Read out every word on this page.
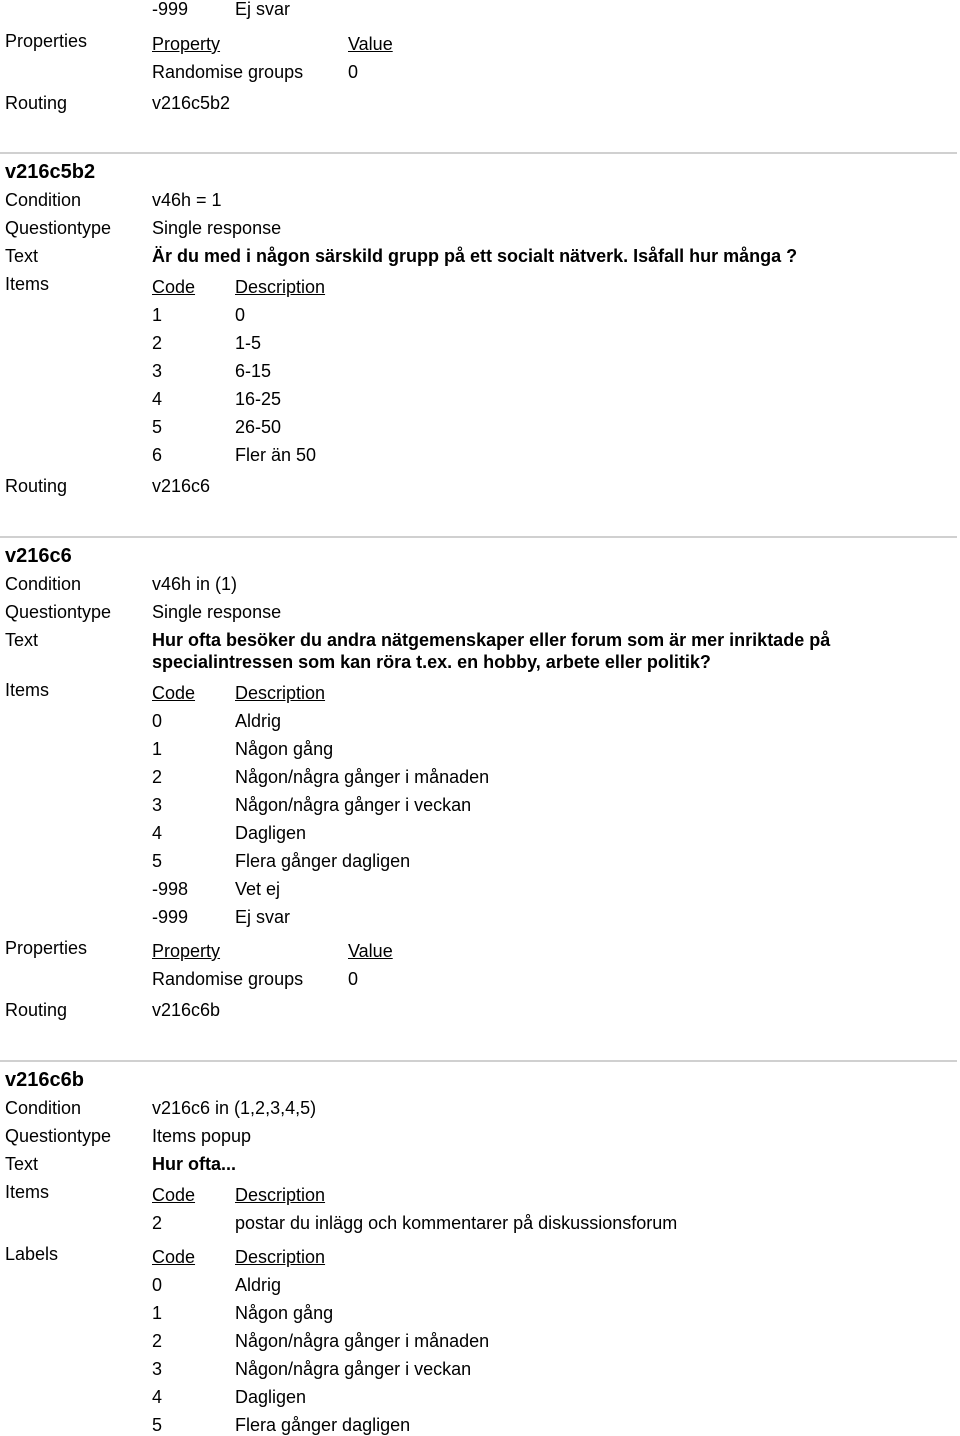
-999	Ej svar
Properties	Property	Value
Randomise groups 0
Routing	v216c5b2
v216c5b2
Condition	v46h = 1
Questiontype Single response
Text	Är du med i någon särskild grupp på ett socialt nätverk. Isåfall hur många ?
Items	Code Description
1	0
2	1-5
3	6-15
4	16-25
5	26-50
6	Fler än 50
Routing	v216c6
v216c6
Condition	v46h in (1)
Questiontype Single response
Text	Hur ofta besöker du andra nätgemenskaper eller forum som är mer inriktade på specialintressen som kan röra t.ex. en hobby, arbete eller politik?
Items	Code Description
0	Aldrig
1	Någon gång
2	Någon/några gånger i månaden
3	Någon/några gånger i veckan
4	Dagligen
5	Flera gånger dagligen
-998	Vet ej
-999	Ej svar
Properties	Property	Value
Randomise groups 0
Routing	v216c6b
v216c6b
Condition	v216c6 in (1,2,3,4,5)
Questiontype Items popup
Text	Hur ofta...
Items	Code Description
2	postar du inlägg och kommentarer på diskussionsforum
Labels	Code Description
0	Aldrig
1	Någon gång
2	Någon/några gånger i månaden
3	Någon/några gånger i veckan
4	Dagligen
5	Flera gånger dagligen
